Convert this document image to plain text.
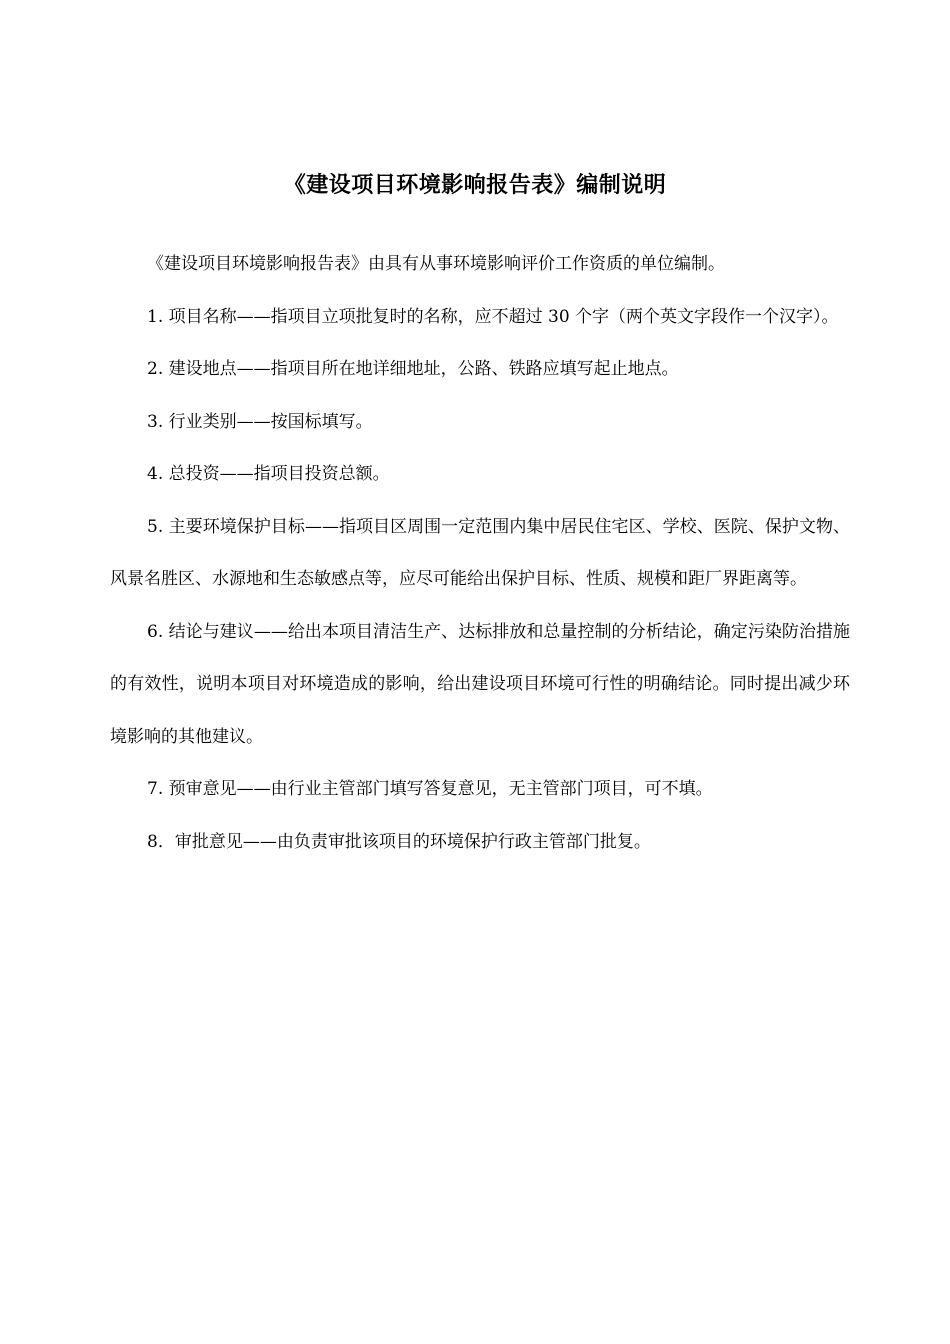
《建设项目环境影响报告表》编制说明

《建设项目环境影响报告表》由具有从事环境影响评价工作资质的单位编制。

1. 项目名称——指项目立项批复时的名称，应不超过 30 个字（两个英文字段作一个汉字）。

2. 建设地点——指项目所在地详细地址，公路、铁路应填写起止地点。

3. 行业类别——按国标填写。

4. 总投资——指项目投资总额。

5. 主要环境保护目标——指项目区周围一定范围内集中居民住宅区、学校、医院、保护文物、风景名胜区、水源地和生态敏感点等，应尽可能给出保护目标、性质、规模和距厂界距离等。

6. 结论与建议——给出本项目清洁生产、达标排放和总量控制的分析结论，确定污染防治措施的有效性，说明本项目对环境造成的影响，给出建设项目环境可行性的明确结论。同时提出减少环境影响的其他建议。

7. 预审意见——由行业主管部门填写答复意见，无主管部门项目，可不填。

8．审批意见——由负责审批该项目的环境保护行政主管部门批复。
